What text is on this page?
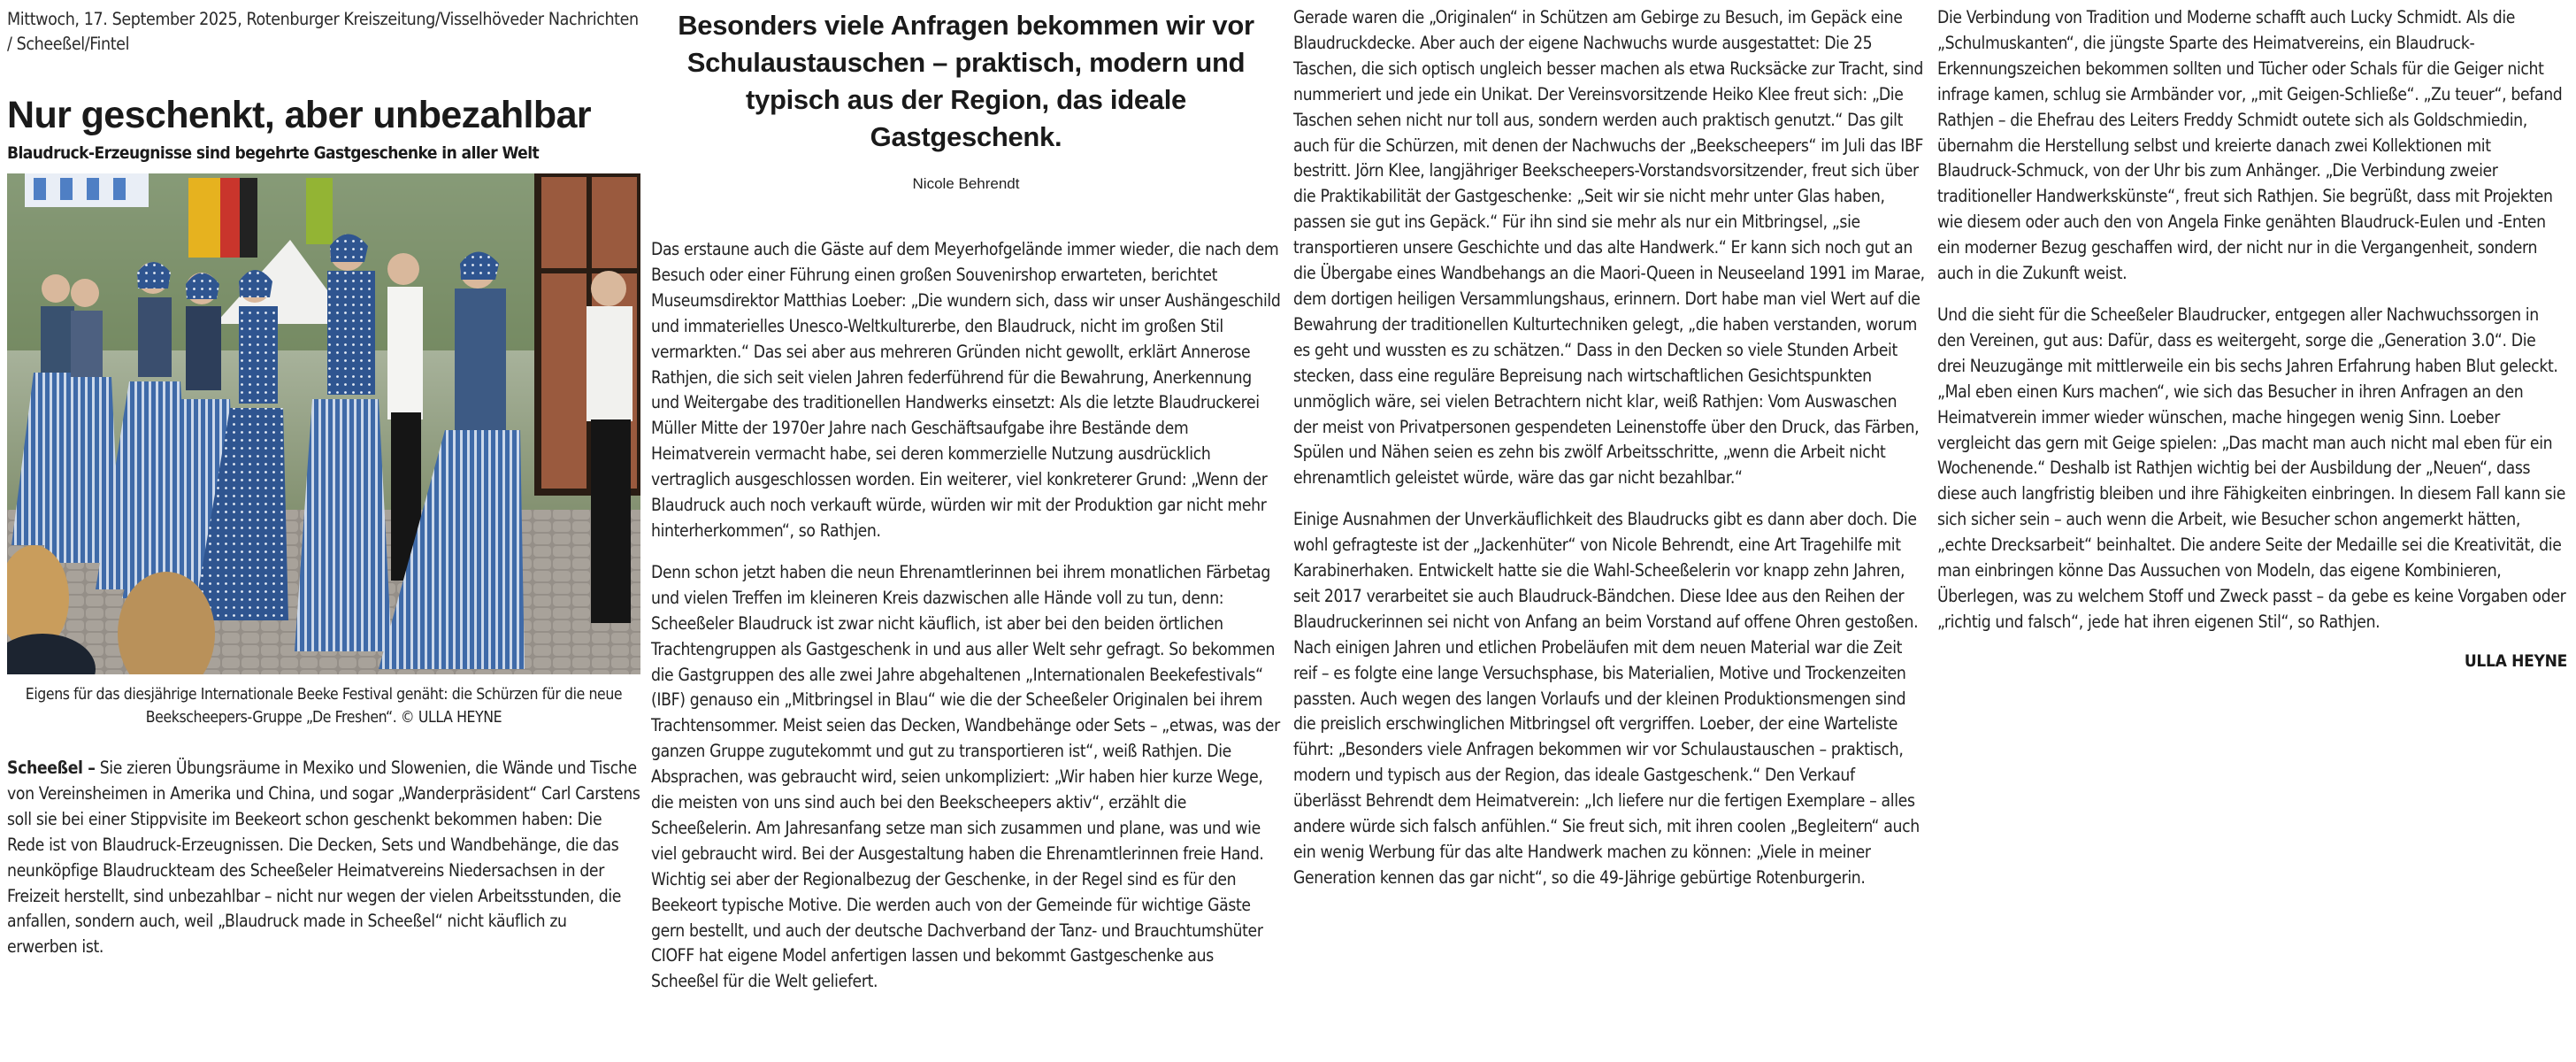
Mittwoch, 17. September 2025, Rotenburger Kreiszeitung/Visselhöveder Nachrichten / Scheeßel/Fintel

Nur geschenkt, aber unbezahlbar

Blaudruck-Erzeugnisse sind begehrte Gastgeschenke in aller Welt

Eigens für das diesjährige Internationale Beeke Festival genäht: die Schürzen für die neue Beekscheepers-Gruppe „De Freshen“. © ULLA HEYNE

Scheeßel – Sie zieren Übungsräume in Mexiko und Slowenien, die Wände und Tische von Vereinsheimen in Amerika und China, und sogar „Wanderpräsident“ Carl Carstens soll sie bei einer Stippvisite im Beekeort schon geschenkt bekommen haben: Die Rede ist von Blaudruck-Erzeugnissen. Die Decken, Sets und Wandbehänge, die das neunköpfige Blaudruckteam des Scheeßeler Heimatvereins Niedersachsen in der Freizeit herstellt, sind unbezahlbar – nicht nur wegen der vielen Arbeitsstunden, die anfallen, sondern auch, weil „Blaudruck made in Scheeßel“ nicht käuflich zu erwerben ist.

Besonders viele Anfragen bekommen wir vor Schulaustauschen – praktisch, modern und typisch aus der Region, das ideale Gastgeschenk.

Nicole Behrendt

Das erstaune auch die Gäste auf dem Meyerhofgelände immer wieder, die nach dem Besuch oder einer Führung einen großen Souvenirshop erwarteten, berichtet Museumsdirektor Matthias Loeber: „Die wundern sich, dass wir unser Aushängeschild und immaterielles Unesco-Weltkulturerbe, den Blaudruck, nicht im großen Stil vermarkten.“ Das sei aber aus mehreren Gründen nicht gewollt, erklärt Annerose Rathjen, die sich seit vielen Jahren federführend für die Bewahrung, Anerkennung und Weitergabe des traditionellen Handwerks einsetzt: Als die letzte Blaudruckerei Müller Mitte der 1970er Jahre nach Geschäftsaufgabe ihre Bestände dem Heimatverein vermacht habe, sei deren kommerzielle Nutzung ausdrücklich vertraglich ausgeschlossen worden. Ein weiterer, viel konkreterer Grund: „Wenn der Blaudruck auch noch verkauft würde, würden wir mit der Produktion gar nicht mehr hinterherkommen“, so Rathjen.

Denn schon jetzt haben die neun Ehrenamtlerinnen bei ihrem monatlichen Färbetag und vielen Treffen im kleineren Kreis dazwischen alle Hände voll zu tun, denn: Scheeßeler Blaudruck ist zwar nicht käuflich, ist aber bei den beiden örtlichen Trachtengruppen als Gastgeschenk in und aus aller Welt sehr gefragt. So bekommen die Gastgruppen des alle zwei Jahre abgehaltenen „Internationalen Beekefestivals“ (IBF) genauso ein „Mitbringsel in Blau“ wie die der Scheeßeler Originalen bei ihrem Trachtensommer. Meist seien das Decken, Wandbehänge oder Sets – „etwas, was der ganzen Gruppe zugutekommt und gut zu transportieren ist“, weiß Rathjen. Die Absprachen, was gebraucht wird, seien unkompliziert: „Wir haben hier kurze Wege, die meisten von uns sind auch bei den Beekscheepers aktiv“, erzählt die Scheeßelerin. Am Jahresanfang setze man sich zusammen und plane, was und wie viel gebraucht wird. Bei der Ausgestaltung haben die Ehrenamtlerinnen freie Hand. Wichtig sei aber der Regionalbezug der Geschenke, in der Regel sind es für den Beekeort typische Motive. Die werden auch von der Gemeinde für wichtige Gäste gern bestellt, und auch der deutsche Dachverband der Tanz- und Brauchtumshüter CIOFF hat eigene Model anfertigen lassen und bekommt Gastgeschenke aus Scheeßel für die Welt geliefert.

Gerade waren die „Originalen“ in Schützen am Gebirge zu Besuch, im Gepäck eine Blaudruckdecke. Aber auch der eigene Nachwuchs wurde ausgestattet: Die 25 Taschen, die sich optisch ungleich besser machen als etwa Rucksäcke zur Tracht, sind nummeriert und jede ein Unikat. Der Vereinsvorsitzende Heiko Klee freut sich: „Die Taschen sehen nicht nur toll aus, sondern werden auch praktisch genutzt.“ Das gilt auch für die Schürzen, mit denen der Nachwuchs der „Beekscheepers“ im Juli das IBF bestritt. Jörn Klee, langjähriger Beekscheepers-Vorstandsvorsitzender, freut sich über die Praktikabilität der Gastgeschenke: „Seit wir sie nicht mehr unter Glas haben, passen sie gut ins Gepäck.“ Für ihn sind sie mehr als nur ein Mitbringsel, „sie transportieren unsere Geschichte und das alte Handwerk.“ Er kann sich noch gut an die Übergabe eines Wandbehangs an die Maori-Queen in Neuseeland 1991 im Marae, dem dortigen heiligen Versammlungshaus, erinnern. Dort habe man viel Wert auf die Bewahrung der traditionellen Kulturtechniken gelegt, „die haben verstanden, worum es geht und wussten es zu schätzen.“ Dass in den Decken so viele Stunden Arbeit stecken, dass eine reguläre Bepreisung nach wirtschaftlichen Gesichtspunkten unmöglich wäre, sei vielen Betrachtern nicht klar, weiß Rathjen: Vom Auswaschen der meist von Privatpersonen gespendeten Leinenstoffe über den Druck, das Färben, Spülen und Nähen seien es zehn bis zwölf Arbeitsschritte, „wenn die Arbeit nicht ehrenamtlich geleistet würde, wäre das gar nicht bezahlbar.“

Einige Ausnahmen der Unverkäuflichkeit des Blaudrucks gibt es dann aber doch. Die wohl gefragteste ist der „Jackenhüter“ von Nicole Behrendt, eine Art Tragehilfe mit Karabinerhaken. Entwickelt hatte sie die Wahl-Scheeßelerin vor knapp zehn Jahren, seit 2017 verarbeitet sie auch Blaudruck-Bändchen. Diese Idee aus den Reihen der Blaudruckerinnen sei nicht von Anfang an beim Vorstand auf offene Ohren gestoßen. Nach einigen Jahren und etlichen Probeläufen mit dem neuen Material war die Zeit reif – es folgte eine lange Versuchsphase, bis Materialien, Motive und Trockenzeiten passten. Auch wegen des langen Vorlaufs und der kleinen Produktionsmengen sind die preislich erschwinglichen Mitbringsel oft vergriffen. Loeber, der eine Warteliste führt: „Besonders viele Anfragen bekommen wir vor Schulaustauschen – praktisch, modern und typisch aus der Region, das ideale Gastgeschenk.“ Den Verkauf überlässt Behrendt dem Heimatverein: „Ich liefere nur die fertigen Exemplare – alles andere würde sich falsch anfühlen.“ Sie freut sich, mit ihren coolen „Begleitern“ auch ein wenig Werbung für das alte Handwerk machen zu können: „Viele in meiner Generation kennen das gar nicht“, so die 49-Jährige gebürtige Rotenburgerin.

Die Verbindung von Tradition und Moderne schafft auch Lucky Schmidt. Als die „Schulmuskanten“, die jüngste Sparte des Heimatvereins, ein Blaudruck-Erkennungszeichen bekommen sollten und Tücher oder Schals für die Geiger nicht infrage kamen, schlug sie Armbänder vor, „mit Geigen-Schließe“. „Zu teuer“, befand Rathjen – die Ehefrau des Leiters Freddy Schmidt outete sich als Goldschmiedin, übernahm die Herstellung selbst und kreierte danach zwei Kollektionen mit Blaudruck-Schmuck, von der Uhr bis zum Anhänger. „Die Verbindung zweier traditioneller Handwerkskünste“, freut sich Rathjen. Sie begrüßt, dass mit Projekten wie diesem oder auch den von Angela Finke genähten Blaudruck-Eulen und -Enten ein moderner Bezug geschaffen wird, der nicht nur in die Vergangenheit, sondern auch in die Zukunft weist.

Und die sieht für die Scheeßeler Blaudrucker, entgegen aller Nachwuchssorgen in den Vereinen, gut aus: Dafür, dass es weitergeht, sorge die „Generation 3.0“. Die drei Neuzugänge mit mittlerweile ein bis sechs Jahren Erfahrung haben Blut geleckt. „Mal eben einen Kurs machen“, wie sich das Besucher in ihren Anfragen an den Heimatverein immer wieder wünschen, mache hingegen wenig Sinn. Loeber vergleicht das gern mit Geige spielen: „Das macht man auch nicht mal eben für ein Wochenende.“ Deshalb ist Rathjen wichtig bei der Ausbildung der „Neuen“, dass diese auch langfristig bleiben und ihre Fähigkeiten einbringen. In diesem Fall kann sie sich sicher sein – auch wenn die Arbeit, wie Besucher schon angemerkt hätten, „echte Drecksarbeit“ beinhaltet. Die andere Seite der Medaille sei die Kreativität, die man einbringen könne Das Aussuchen von Modeln, das eigene Kombinieren, Überlegen, was zu welchem Stoff und Zweck passt – da gebe es keine Vorgaben oder „richtig und falsch“, jede hat ihren eigenen Stil“, so Rathjen.

ULLA HEYNE
